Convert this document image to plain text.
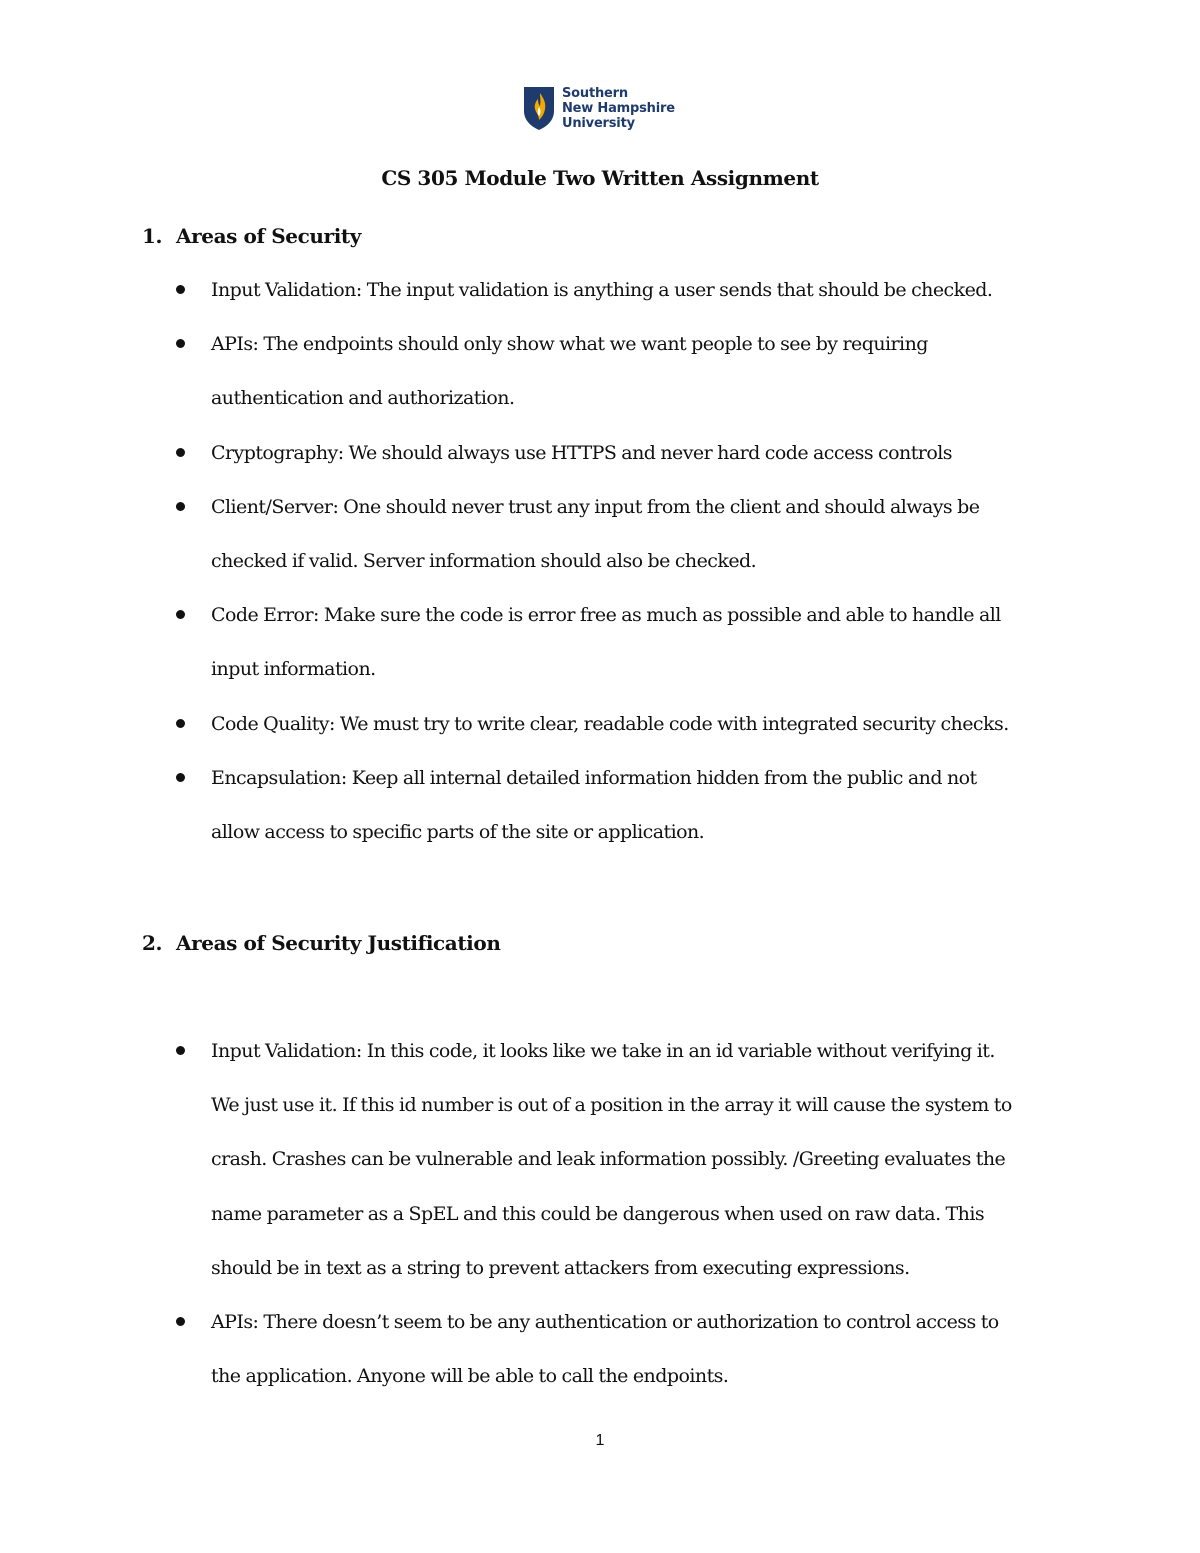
Southern
New Hampshire
University
CS 305 Module Two Written Assignment
1. Areas of Security
Input Validation: The input validation is anything a user sends that should be checked.
APIs: The endpoints should only show what we want people to see by requiring
authentication and authorization.
Cryptography: We should always use HTTPS and never hard code access controls
Client/Server: One should never trust any input from the client and should always be
checked if valid. Server information should also be checked.
Code Error: Make sure the code is error free as much as possible and able to handle all
input information.
Code Quality: We must try to write clear, readable code with integrated security checks.
Encapsulation: Keep all internal detailed information hidden from the public and not
allow access to specific parts of the site or application.
2. Areas of Security Justification
Input Validation: In this code, it looks like we take in an id variable without verifying it.
We just use it. If this id number is out of a position in the array it will cause the system to
crash. Crashes can be vulnerable and leak information possibly. /Greeting evaluates the
name parameter as a SpEL and this could be dangerous when used on raw data. This
should be in text as a string to prevent attackers from executing expressions.
APIs: There doesn’t seem to be any authentication or authorization to control access to
the application. Anyone will be able to call the endpoints.
1
